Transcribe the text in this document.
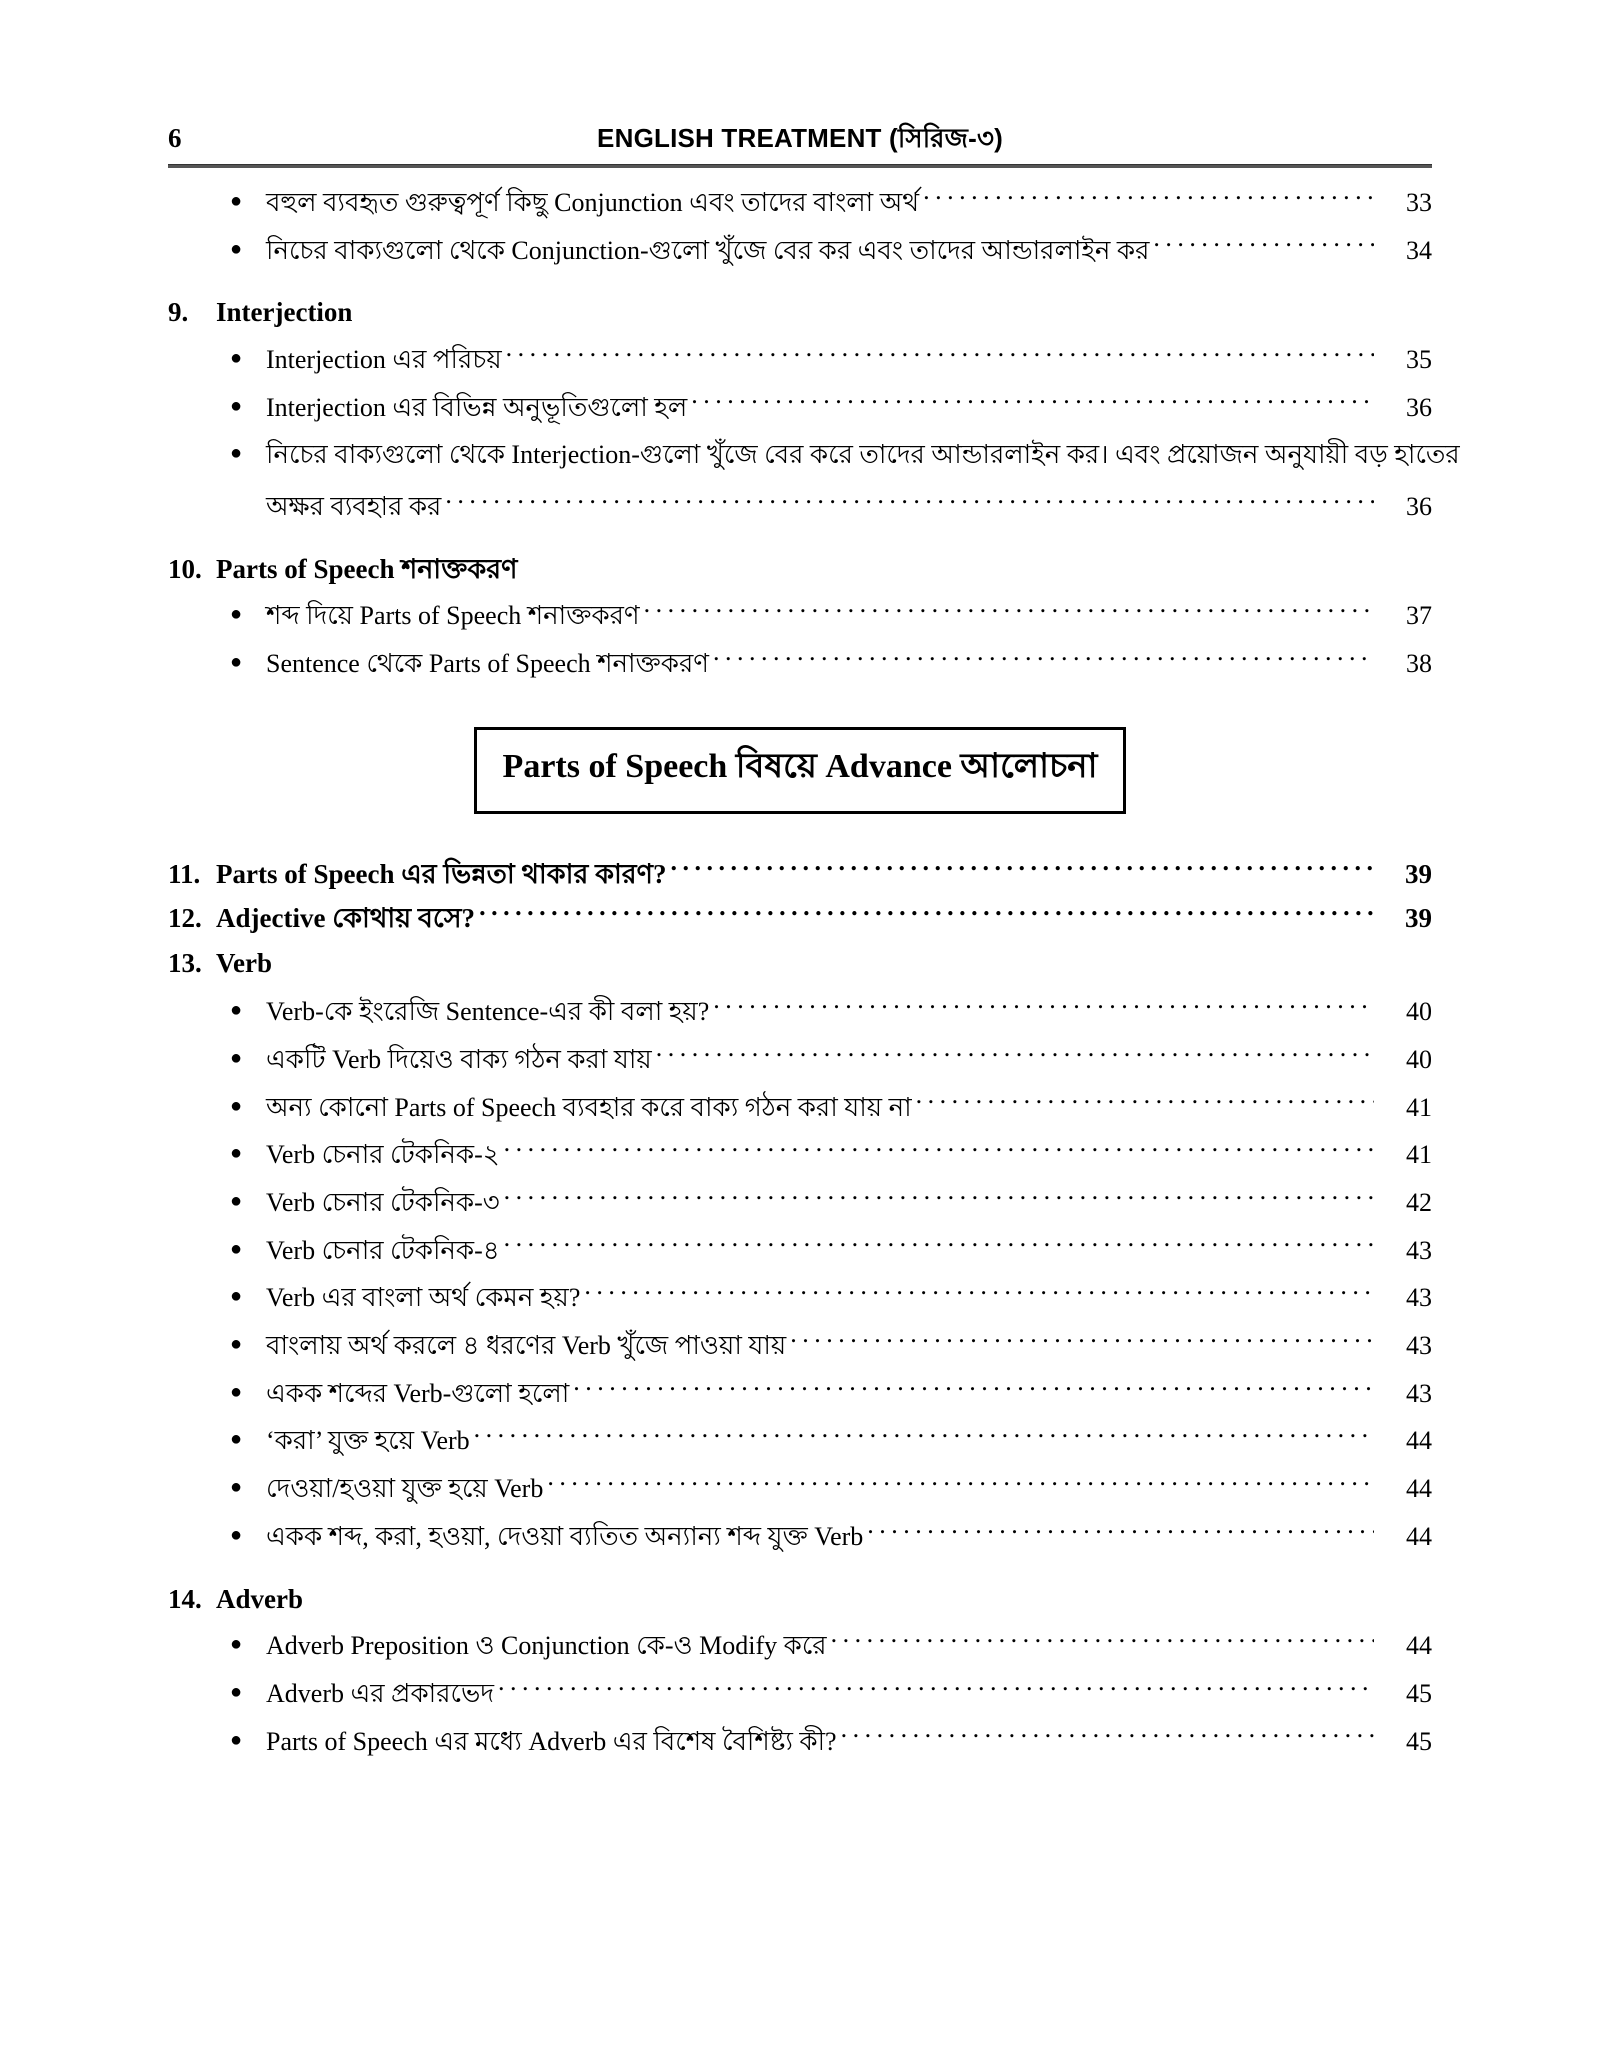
6	ENGLISH TREATMENT (সিরিজ-৩)
●
বহুল ব্যবহৃত গুরুত্বপূর্ণ কিছু Conjunction এবং তাদের বাংলা অর্থ .....	33
●
নিচের বাক্যগুলো থেকে Conjunction-গুলো খুঁজে বের কর এবং তাদের আন্ডারলাইন কর .....	34
9.	Interjection
●
Interjection এর পরিচয় .....	35
●
Interjection এর বিভিন্ন অনুভূতিগুলো হল .....	36
●
নিচের বাক্যগুলো থেকে Interjection-গুলো খুঁজে বের করে তাদের আন্ডারলাইন কর। এবং প্রয়োজন অনুযায়ী বড় হাতের
অক্ষর ব্যবহার কর .....	36
10. Parts of Speech শনাক্তকরণ
●
শব্দ দিয়ে Parts of Speech শনাক্তকরণ .....	37
●
Sentence থেকে Parts of Speech শনাক্তকরণ .....	38
Parts of Speech বিষয়ে Advance আলোচনা
11. Parts of Speech এর ভিন্নতা থাকার কারণ? .....	39
12. Adjective কোথায় বসে? .....	39
13. Verb
●
Verb-কে ইংরেজি Sentence-এর কী বলা হয়? .....	40
●
একটি Verb দিয়েও বাক্য গঠন করা যায় .....	40
●
অন্য কোনো Parts of Speech ব্যবহার করে বাক্য গঠন করা যায় না .....	41
●
Verb চেনার টেকনিক-২ .....	41
●
Verb চেনার টেকনিক-৩ .....	42
●
Verb চেনার টেকনিক-৪ .....	43
●
Verb এর বাংলা অর্থ কেমন হয়? .....	43
●
বাংলায় অর্থ করলে ৪ ধরণের Verb খুঁজে পাওয়া যায় .....	43
●
একক শব্দের Verb-গুলো হলো .....	43
●
‘করা’ যুক্ত হয়ে Verb .....	44
●
দেওয়া/হওয়া যুক্ত হয়ে Verb .....	44
●
একক শব্দ, করা, হওয়া, দেওয়া ব্যতিত অন্যান্য শব্দ যুক্ত Verb .....	44
14. Adverb
●
Adverb Preposition ও Conjunction কে-ও Modify করে .....	44
●
Adverb এর প্রকারভেদ .....	45
●
Parts of Speech এর মধ্যে Adverb এর বিশেষ বৈশিষ্ট্য কী? .....	45
